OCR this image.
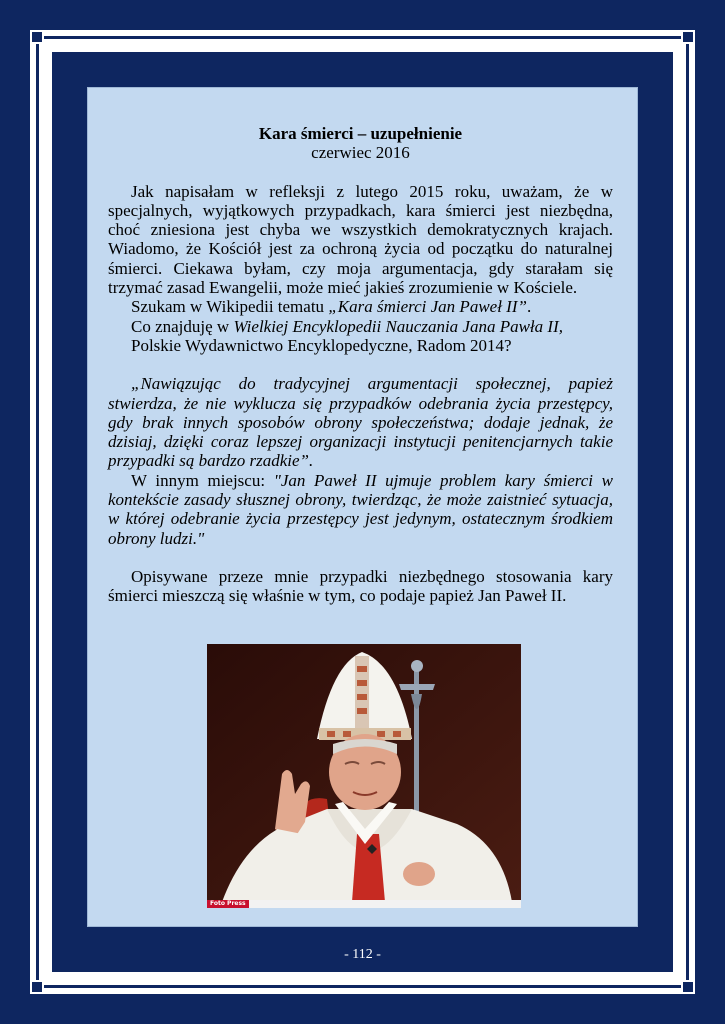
Kara śmierci – uzupełnienie

czerwiec 2016

Jak napisałam w refleksji z lutego 2015 roku, uważam, że w specjalnych, wyjątkowych przypadkach, kara śmierci jest niezbędna, choć zniesiona jest chyba we wszystkich demokratycznych krajach. Wiadomo, że Kościół jest za ochroną życia od początku do naturalnej śmierci. Ciekawa byłam, czy moja argumentacja, gdy starałam się trzymać zasad Ewangelii, może mieć jakieś zrozumienie w Kościele.

Szukam w Wikipedii tematu „Kara śmierci Jan Paweł II”.

Co znajduję w Wielkiej Encyklopedii Nauczania Jana Pawła II,

Polskie Wydawnictwo Encyklopedyczne, Radom 2014?

„Nawiązując do tradycyjnej argumentacji społecznej, papież stwierdza, że nie wyklucza się przypadków odebrania życia przestępcy, gdy brak innych sposobów obrony społeczeństwa; dodaje jednak, że dzisiaj, dzięki coraz lepszej organizacji instytucji penitencjarnych takie przypadki są bardzo rzadkie”.

W innym miejscu: "Jan Paweł II ujmuje problem kary śmierci w kontekście zasady słusznej obrony, twierdząc, że może zaistnieć sytuacja, w której odebranie życia przestępcy jest jedynym, ostatecznym środkiem obrony ludzi."

Opisywane przeze mnie przypadki niezbędnego stosowania kary śmierci mieszczą się właśnie w tym, co podaje papież Jan Paweł II.

Foto Press
- 112 -
